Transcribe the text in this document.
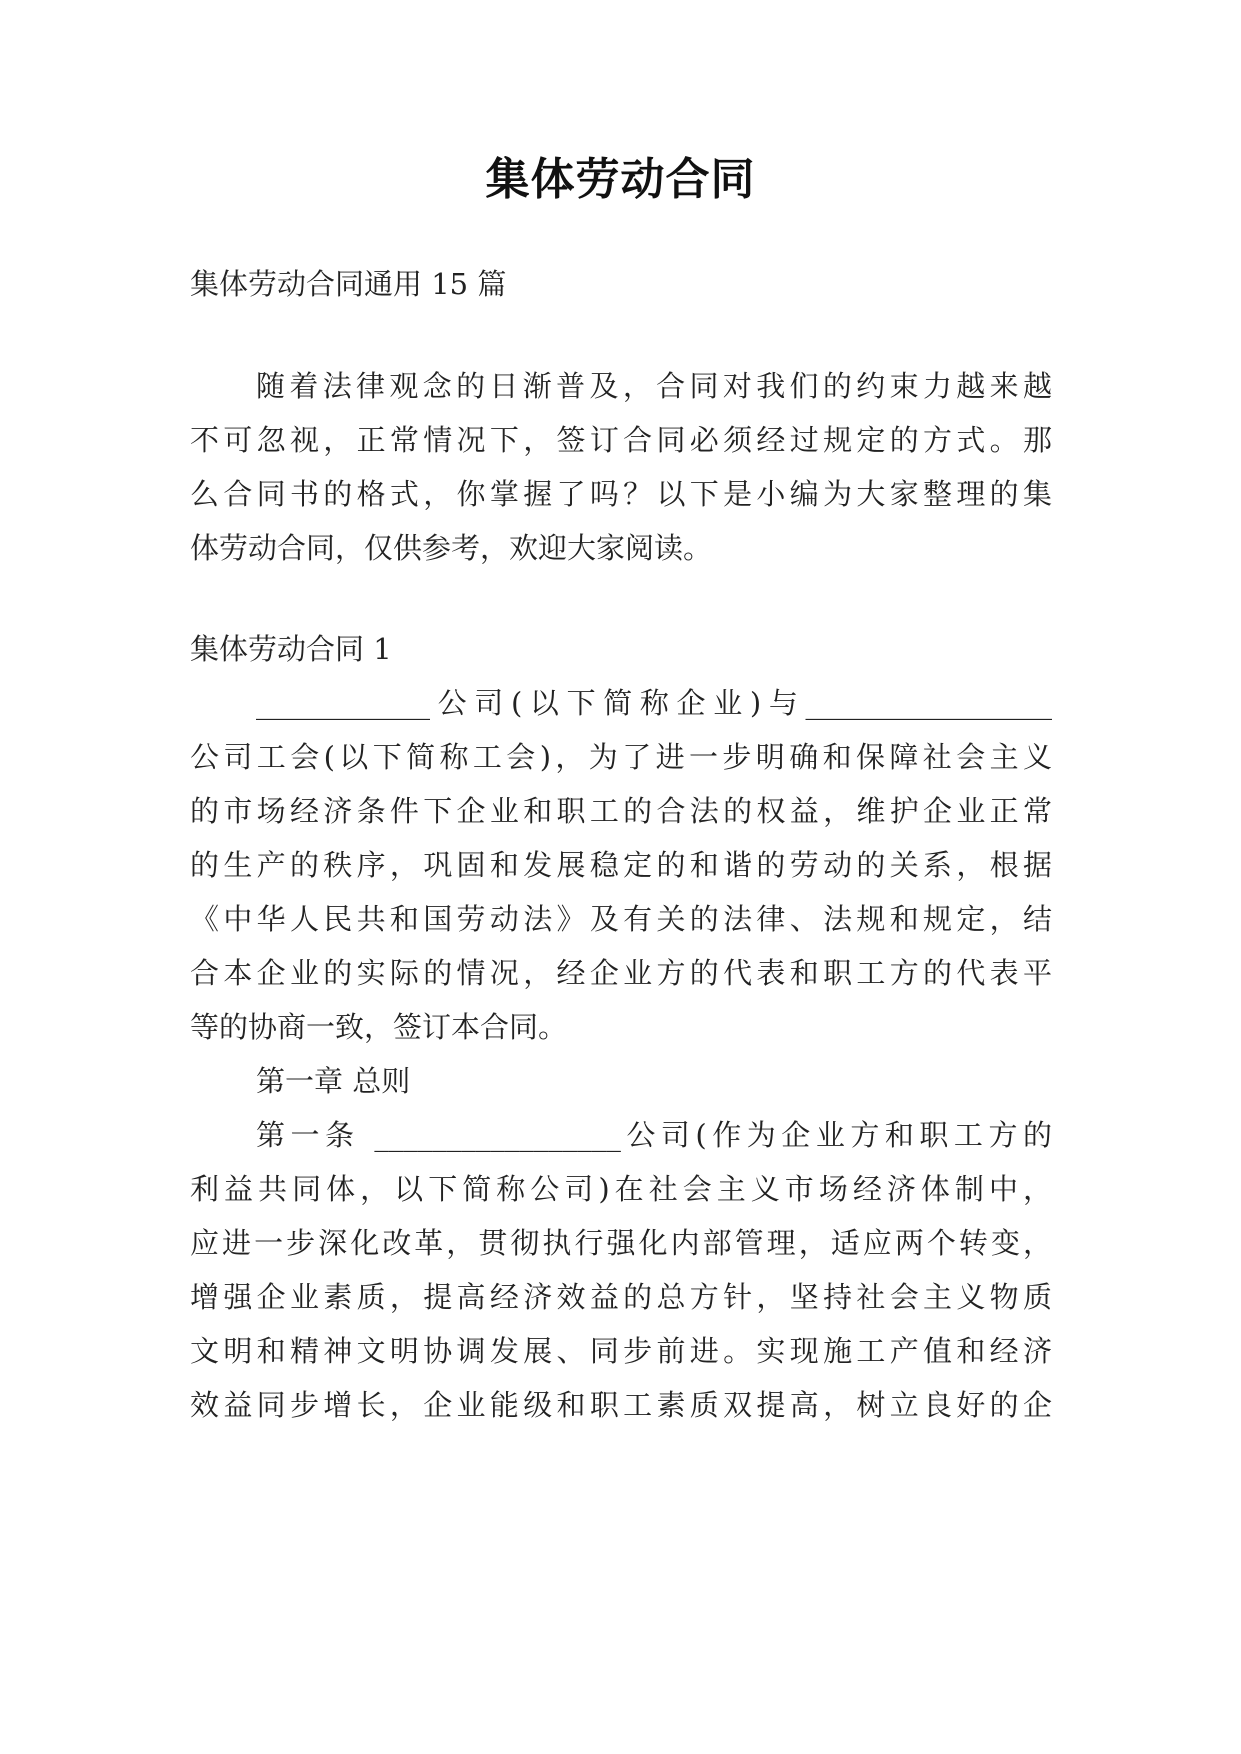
集体劳动合同
集体劳动合同通用 15 篇
随着法律观念的日渐普及，合同对我们的约束力越来越
不可忽视，正常情况下，签订合同必须经过规定的方式。那
么合同书的格式，你掌握了吗？以下是小编为大家整理的集
体劳动合同，仅供参考，欢迎大家阅读。
集体劳动合同 1
____________公司(以下简称企业)与_________________
公司工会(以下简称工会)，为了进一步明确和保障社会主义
的市场经济条件下企业和职工的合法的权益，维护企业正常
的生产的秩序，巩固和发展稳定的和谐的劳动的关系，根据
《中华人民共和国劳动法》及有关的法律、法规和规定，结
合本企业的实际的情况，经企业方的代表和职工方的代表平
等的协商一致，签订本合同。
第一章 总则
第一条 _________________公司(作为企业方和职工方的
利益共同体，以下简称公司)在社会主义市场经济体制中，
应进一步深化改革，贯彻执行强化内部管理，适应两个转变，
增强企业素质，提高经济效益的总方针，坚持社会主义物质
文明和精神文明协调发展、同步前进。实现施工产值和经济
效益同步增长，企业能级和职工素质双提高，树立良好的企
